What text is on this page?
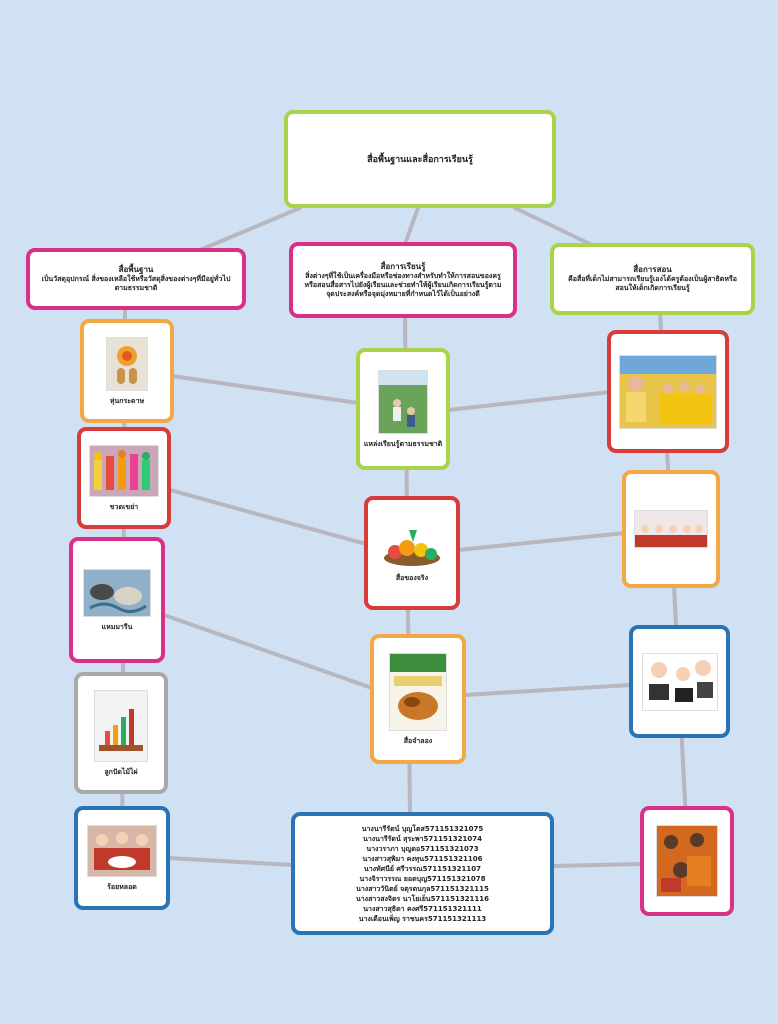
สื่อพื้นฐานและสื่อการเรียนรู้
สื่อพื้นฐาน
เป็นวัสดุอุปกรณ์ สิ่งของเหลือใช้หรือวัสดุสิ่งของต่างๆที่มีอยู่ทั่วไปตามธรรมชาติ
สื่อการเรียนรู้
สิ่งต่างๆที่ใช้เป็นเครื่องมือหรือช่องทางสำหรับทำให้การสอนของครูหรือสอนสื่อสารไปยังผู้เรียนและช่วยทำให้ผู้เรียนเกิดการเรียนรู้ตามจุดประสงค์หรือจุดมุ่งหมายที่กำหนดไว้ได้เป็นอย่างดี
สื่อการสอน
คือสื่อที่เด็กไม่สามารถเรียนรู้เองได้ครูต้องเป็นผู้สาธิตหรือสอนให้เด็กเกิดการเรียนรู้
หุ่นกระดาษ
ขวดเขย่า
แหมมารีน
ลูกปัดไม้ไผ่
ร้อยหลอด
แหล่งเรียนรู้ตามธรรมชาติ
สื่อของจริง
สื่อจำลอง
นางนารีรัตน์ บุญโตส571151321075
นางนารีรัตน์ สุระพา571151321074
นางวราภา บุญดอ571151321073
นางสาวสุพิมา คงทุน571151321106
นางทัศนีย์ ศรีวรรณ571151321107
นางจิราวรรณ ยอดบุญ571151321078
นางสาววันิตย์ จตุรตนกุล571151321115
นางสาวสงจิตร นาโยเย็น571151321116
นางสาวสุธิดา คงศรี571151321111
นางเดือนเพ็ญ ราชนคร571151321113
